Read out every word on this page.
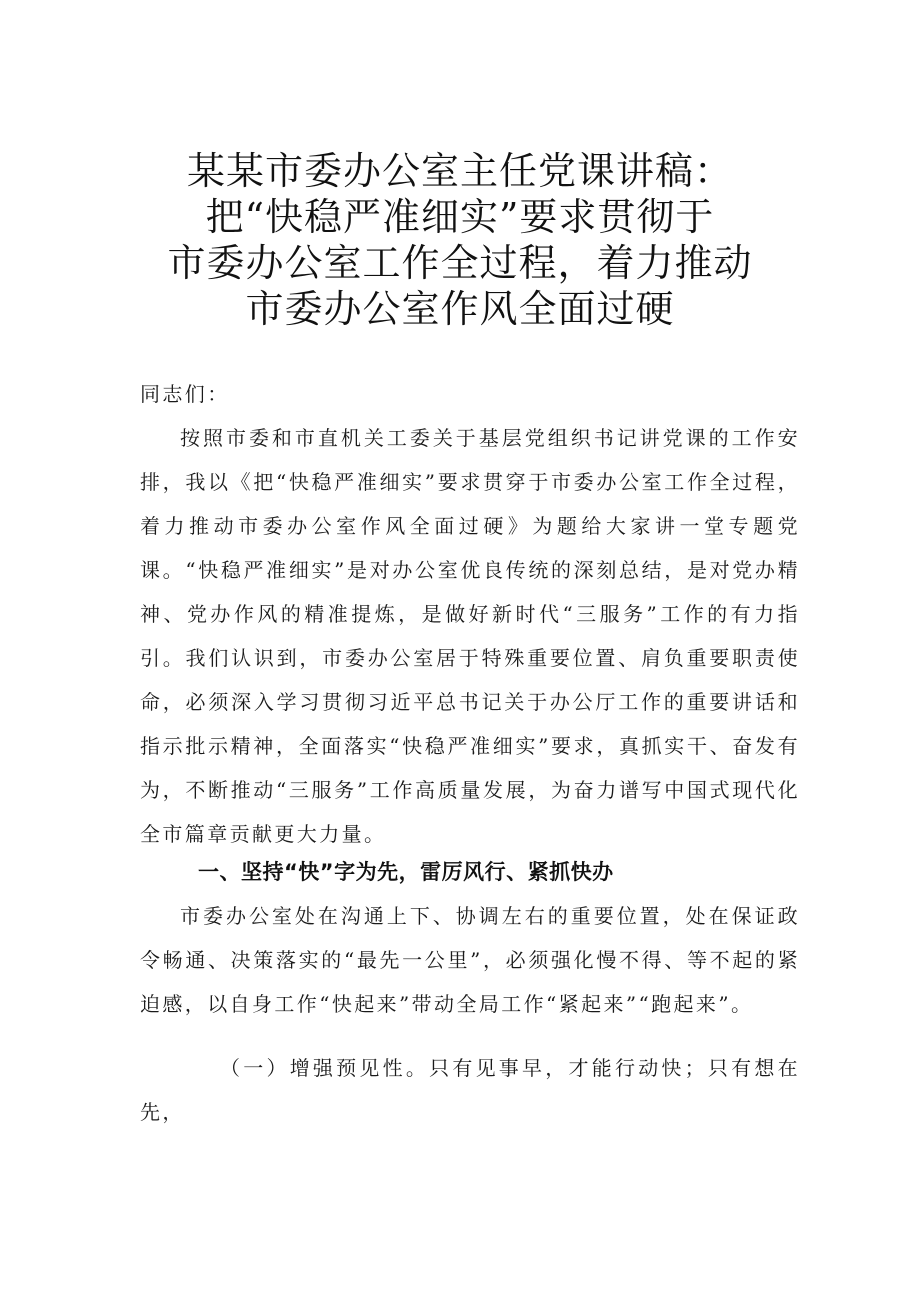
某某市委办公室主任党课讲稿：
把“快稳严准细实”要求贯彻于
市委办公室工作全过程，着力推动
市委办公室作风全面过硬
同志们：
按照市委和市直机关工委关于基层党组织书记讲党课的工作安排，我以《把“快稳严准细实”要求贯穿于市委办公室工作全过程，着力推动市委办公室作风全面过硬》为题给大家讲一堂专题党课。“快稳严准细实”是对办公室优良传统的深刻总结，是对党办精神、党办作风的精准提炼，是做好新时代“三服务”工作的有力指引。我们认识到，市委办公室居于特殊重要位置、肩负重要职责使命，必须深入学习贯彻习近平总书记关于办公厅工作的重要讲话和指示批示精神，全面落实“快稳严准细实”要求，真抓实干、奋发有为，不断推动“三服务”工作高质量发展，为奋力谱写中国式现代化全市篇章贡献更大力量。
一、坚持“快”字为先，雷厉风行、紧抓快办
市委办公室处在沟通上下、协调左右的重要位置，处在保证政令畅通、决策落实的“最先一公里”，必须强化慢不得、等不起的紧迫感，以自身工作“快起来”带动全局工作“紧起来”“跑起来”。
（一）增强预见性。只有见事早，才能行动快；只有想在先，
